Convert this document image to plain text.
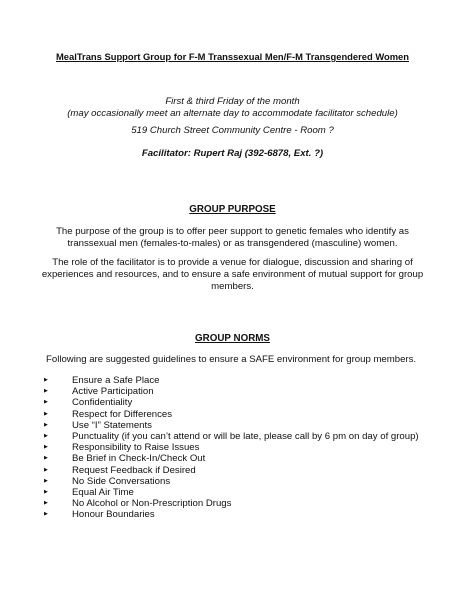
MealTrans Support Group for F-M Transsexual Men/F-M Transgendered Women

First & third Friday of the month
(may occasionally meet an alternate day to accommodate facilitator schedule)

519 Church Street Community Centre - Room ?

Facilitator: Rupert Raj (392-6878, Ext. ?)

GROUP PURPOSE

The purpose of the group is to offer peer support to genetic females who identify as
transsexual men (females-to-males) or as transgendered (masculine) women.

The role of the facilitator is to provide a venue for dialogue, discussion and sharing of
experiences and resources, and to ensure a safe environment of mutual support for group
members.

GROUP NORMS

Following are suggested guidelines to ensure a SAFE environment for group members.

▶	Ensure a Safe Place
▶	Active Participation
▶	Confidentiality
▶	Respect for Differences
▶	Use “I” Statements
▶	Punctuality (if you can’t attend or will be late, please call by 6 pm on day of group)
▶	Responsibility to Raise Issues
▶	Be Brief in Check-In/Check Out
▶	Request Feedback if Desired
▶	No Side Conversations
▶	Equal Air Time
▶	No Alcohol or Non-Prescription Drugs
▶	Honour Boundaries
